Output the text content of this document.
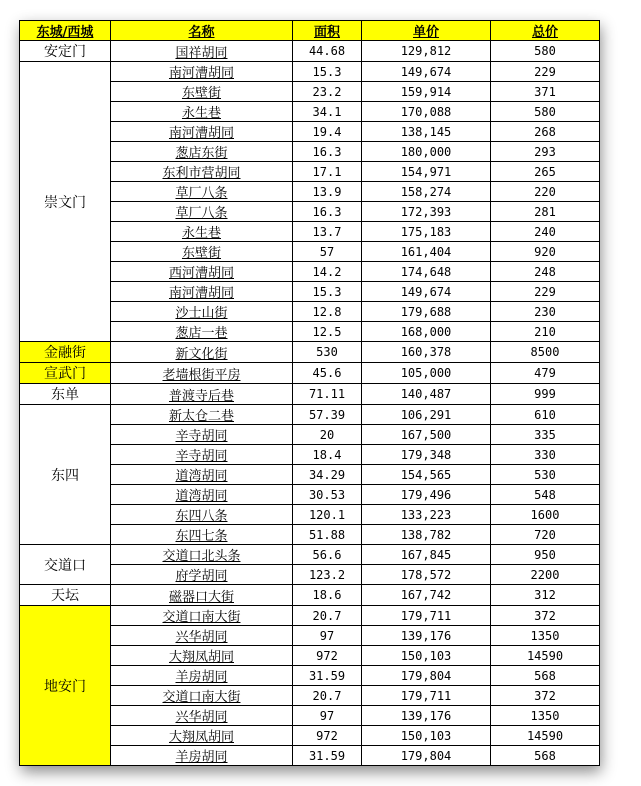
东城/西城	名称	面积	单价	总价
安定门	国祥胡同	44.68	129,812	580
崇文门	南河漕胡同	15.3	149,674	229
	东壁街	23.2	159,914	371
	永生巷	34.1	170,088	580
	南河漕胡同	19.4	138,145	268
	葱店东街	16.3	180,000	293
	东利市营胡同	17.1	154,971	265
	草厂八条	13.9	158,274	220
	草厂八条	16.3	172,393	281
	永生巷	13.7	175,183	240
	东壁街	57	161,404	920
	西河漕胡同	14.2	174,648	248
	南河漕胡同	15.3	149,674	229
	沙士山街	12.8	179,688	230
	葱店一巷	12.5	168,000	210
金融街	新文化街	530	160,378	8500
宣武门	老墙根街平房	45.6	105,000	479
东单	普渡寺后巷	71.11	140,487	999
东四	新太仓二巷	57.39	106,291	610
	辛寺胡同	20	167,500	335
	辛寺胡同	18.4	179,348	330
	道湾胡同	34.29	154,565	530
	道湾胡同	30.53	179,496	548
	东四八条	120.1	133,223	1600
	东四七条	51.88	138,782	720
交道口	交道口北头条	56.6	167,845	950
	府学胡同	123.2	178,572	2200
天坛	磁器口大街	18.6	167,742	312
地安门	交道口南大街	20.7	179,711	372
	兴华胡同	97	139,176	1350
	大翔凤胡同	972	150,103	14590
	羊房胡同	31.59	179,804	568
	交道口南大街	20.7	179,711	372
	兴华胡同	97	139,176	1350
	大翔凤胡同	972	150,103	14590
	羊房胡同	31.59	179,804	568
